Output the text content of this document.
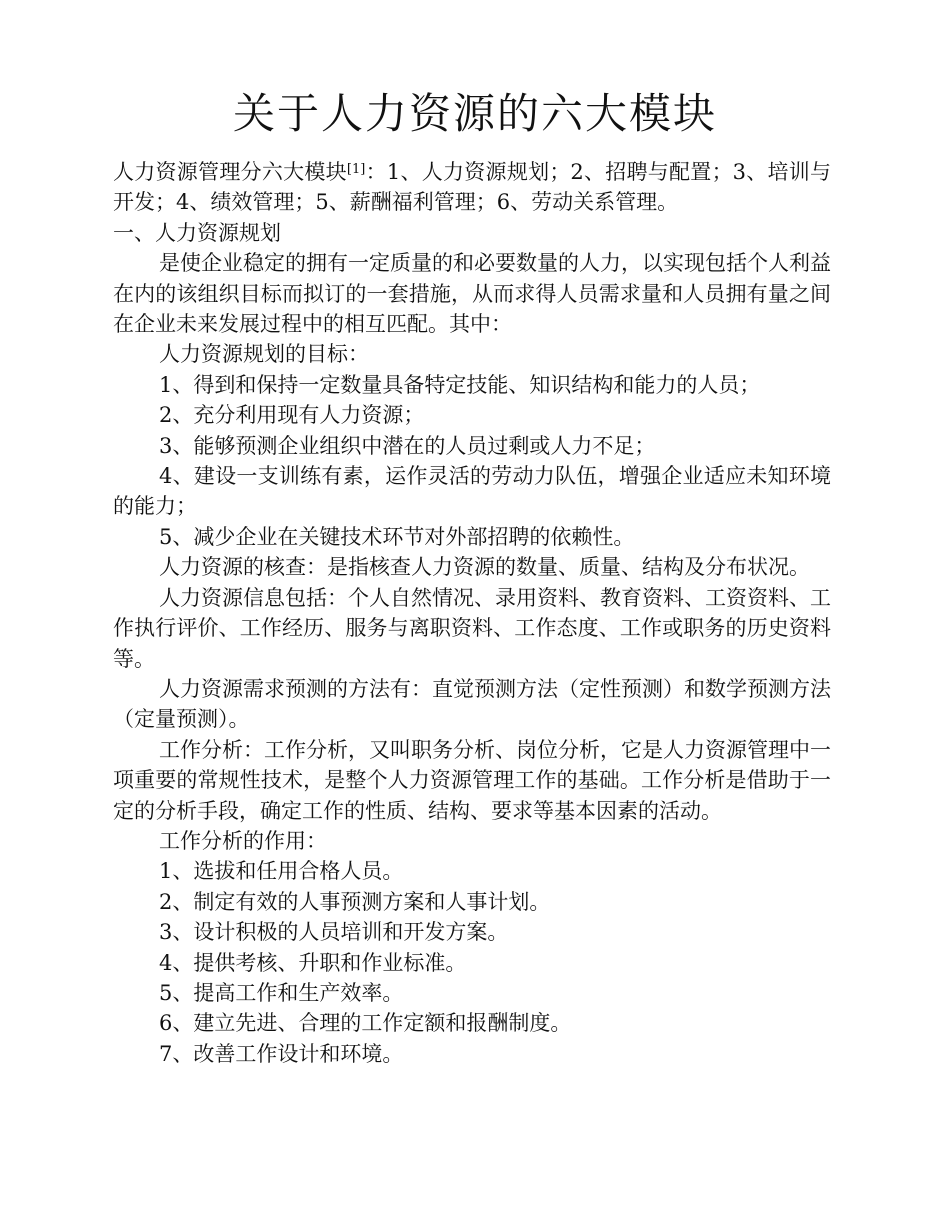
关于人力资源的六大模块

人力资源管理分六大模块[1]：1、人力资源规划；2、招聘与配置；3、培训与开发；4、绩效管理；5、薪酬福利管理；6、劳动关系管理。

一、人力资源规划

是使企业稳定的拥有一定质量的和必要数量的人力，以实现包括个人利益在内的该组织目标而拟订的一套措施，从而求得人员需求量和人员拥有量之间在企业未来发展过程中的相互匹配。其中：

人力资源规划的目标：

1、得到和保持一定数量具备特定技能、知识结构和能力的人员；

2、充分利用现有人力资源；

3、能够预测企业组织中潜在的人员过剩或人力不足；

4、建设一支训练有素，运作灵活的劳动力队伍，增强企业适应未知环境的能力；

5、减少企业在关键技术环节对外部招聘的依赖性。

人力资源的核查：是指核查人力资源的数量、质量、结构及分布状况。

人力资源信息包括：个人自然情况、录用资料、教育资料、工资资料、工作执行评价、工作经历、服务与离职资料、工作态度、工作或职务的历史资料等。

人力资源需求预测的方法有：直觉预测方法（定性预测）和数学预测方法（定量预测）。

工作分析：工作分析，又叫职务分析、岗位分析，它是人力资源管理中一项重要的常规性技术，是整个人力资源管理工作的基础。工作分析是借助于一定的分析手段，确定工作的性质、结构、要求等基本因素的活动。

工作分析的作用：

1、选拔和任用合格人员。

2、制定有效的人事预测方案和人事计划。

3、设计积极的人员培训和开发方案。

4、提供考核、升职和作业标准。

5、提高工作和生产效率。

6、建立先进、合理的工作定额和报酬制度。

7、改善工作设计和环境。
